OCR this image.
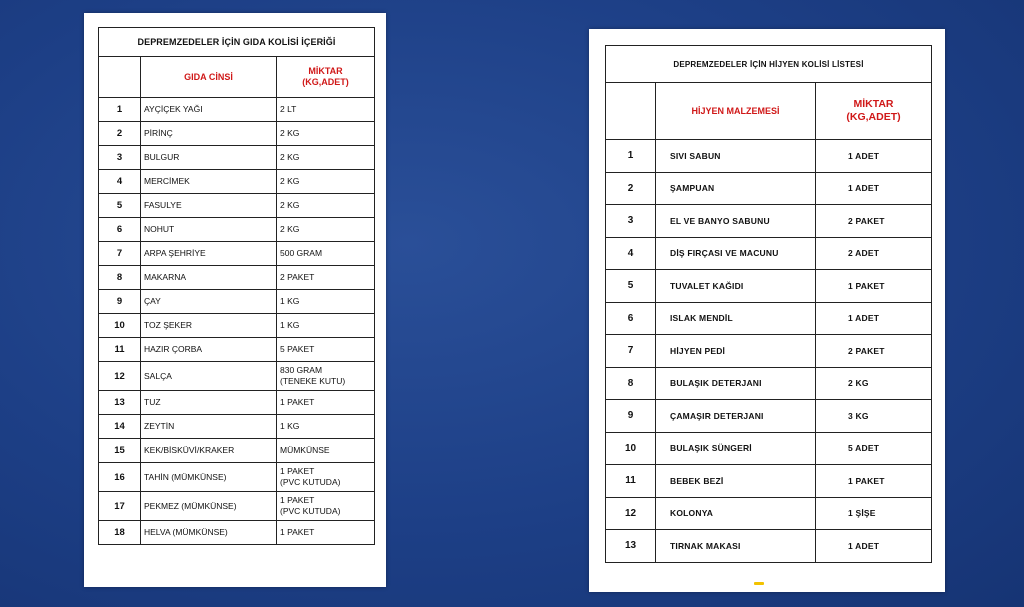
DEPREMZEDELER İÇİN GIDA KOLİSİ İÇERİĞİ		
	GIDA CİNSİ	MİKTAR
(KG,ADET)

1	AYÇİÇEK YAĞI	2 LT

2	PİRİNÇ	2 KG

3	BULGUR	2 KG

4	MERCİMEK	2 KG

5	FASULYE	2 KG

6	NOHUT	2 KG

7	ARPA ŞEHRİYE	500 GRAM

8	MAKARNA	2 PAKET

9	ÇAY	1 KG

10	TOZ ŞEKER	1 KG

11	HAZIR ÇORBA	5 PAKET

12	SALÇA	830 GRAM
(TENEKE KUTU)

13	TUZ	1 PAKET

14	ZEYTİN	1 KG

15	KEK/BİSKÜVİ/KRAKER	MÜMKÜNSE

16	TAHİN (MÜMKÜNSE)	1 PAKET
(PVC KUTUDA)

17	PEKMEZ (MÜMKÜNSE)	1 PAKET
(PVC KUTUDA)

18	HELVA (MÜMKÜNSE)	1 PAKET
DEPREMZEDELER İÇİN HİJYEN KOLİSİ LİSTESİ		
	HİJYEN MALZEMESİ	MİKTAR
(KG,ADET)

1	SIVI SABUN	1 ADET
2	ŞAMPUAN	1 ADET
3	EL VE BANYO SABUNU	2 PAKET
4	DİŞ FIRÇASI VE MACUNU	2 ADET
5	TUVALET KAĞIDI	1 PAKET
6	ISLAK MENDİL	1 ADET
7	HİJYEN PEDİ	2 PAKET
8	BULAŞIK DETERJANI	2 KG
9	ÇAMAŞIR DETERJANI	3 KG
10	BULAŞIK SÜNGERİ	5 ADET
11	BEBEK BEZİ	1 PAKET
12	KOLONYA	1 ŞİŞE
13	TIRNAK MAKASI	1 ADET
